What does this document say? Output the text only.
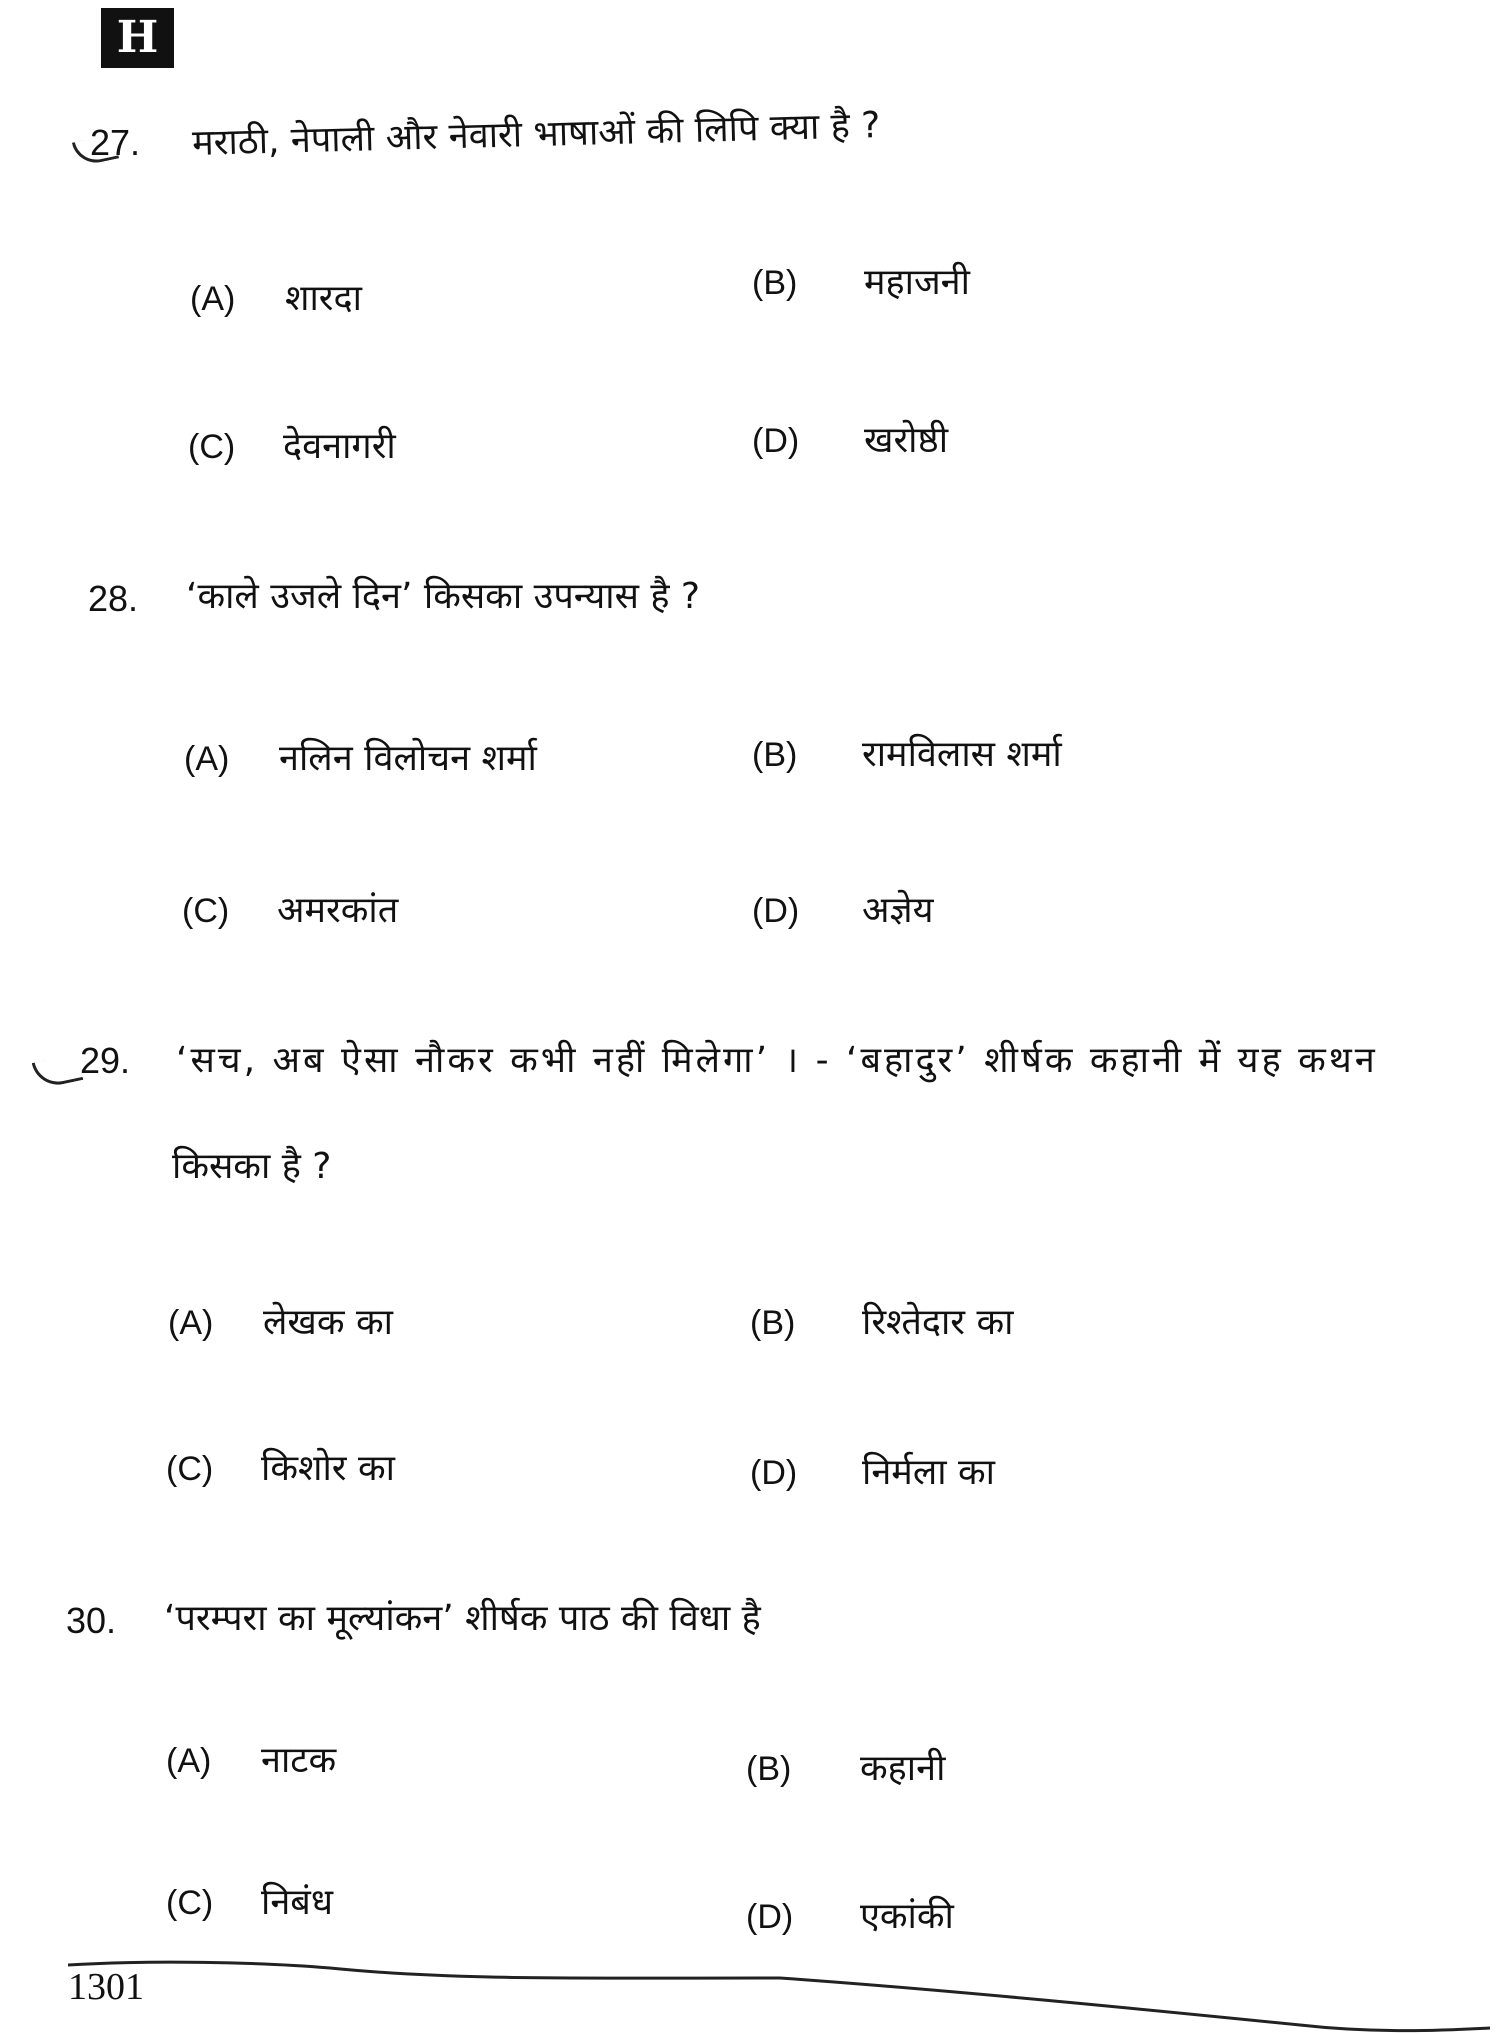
H
27. मराठी, नेपाली और नेवारी भाषाओं की लिपि क्या है ?
(A)	शारदा	(B)	महाजनी
(C)	देवनागरी	(D)	खरोष्ठी
28. ‘काले उजले दिन’ किसका उपन्यास है ?
(A)	नलिन विलोचन शर्मा	(B)	रामविलास शर्मा
(C)	अमरकांत	(D)	अज्ञेय
29. ‘सच, अब ऐसा नौकर कभी नहीं मिलेगा’ । - ‘बहादुर’ शीर्षक कहानी में यह कथन
किसका है ?
(A)	लेखक का	(B)	रिश्तेदार का
(C)	किशोर का	(D)	निर्मला का
30. ‘परम्परा का मूल्यांकन’ शीर्षक पाठ की विधा है
(A)	नाटक	(B)	कहानी
(C)	निबंध	(D)	एकांकी
1301
